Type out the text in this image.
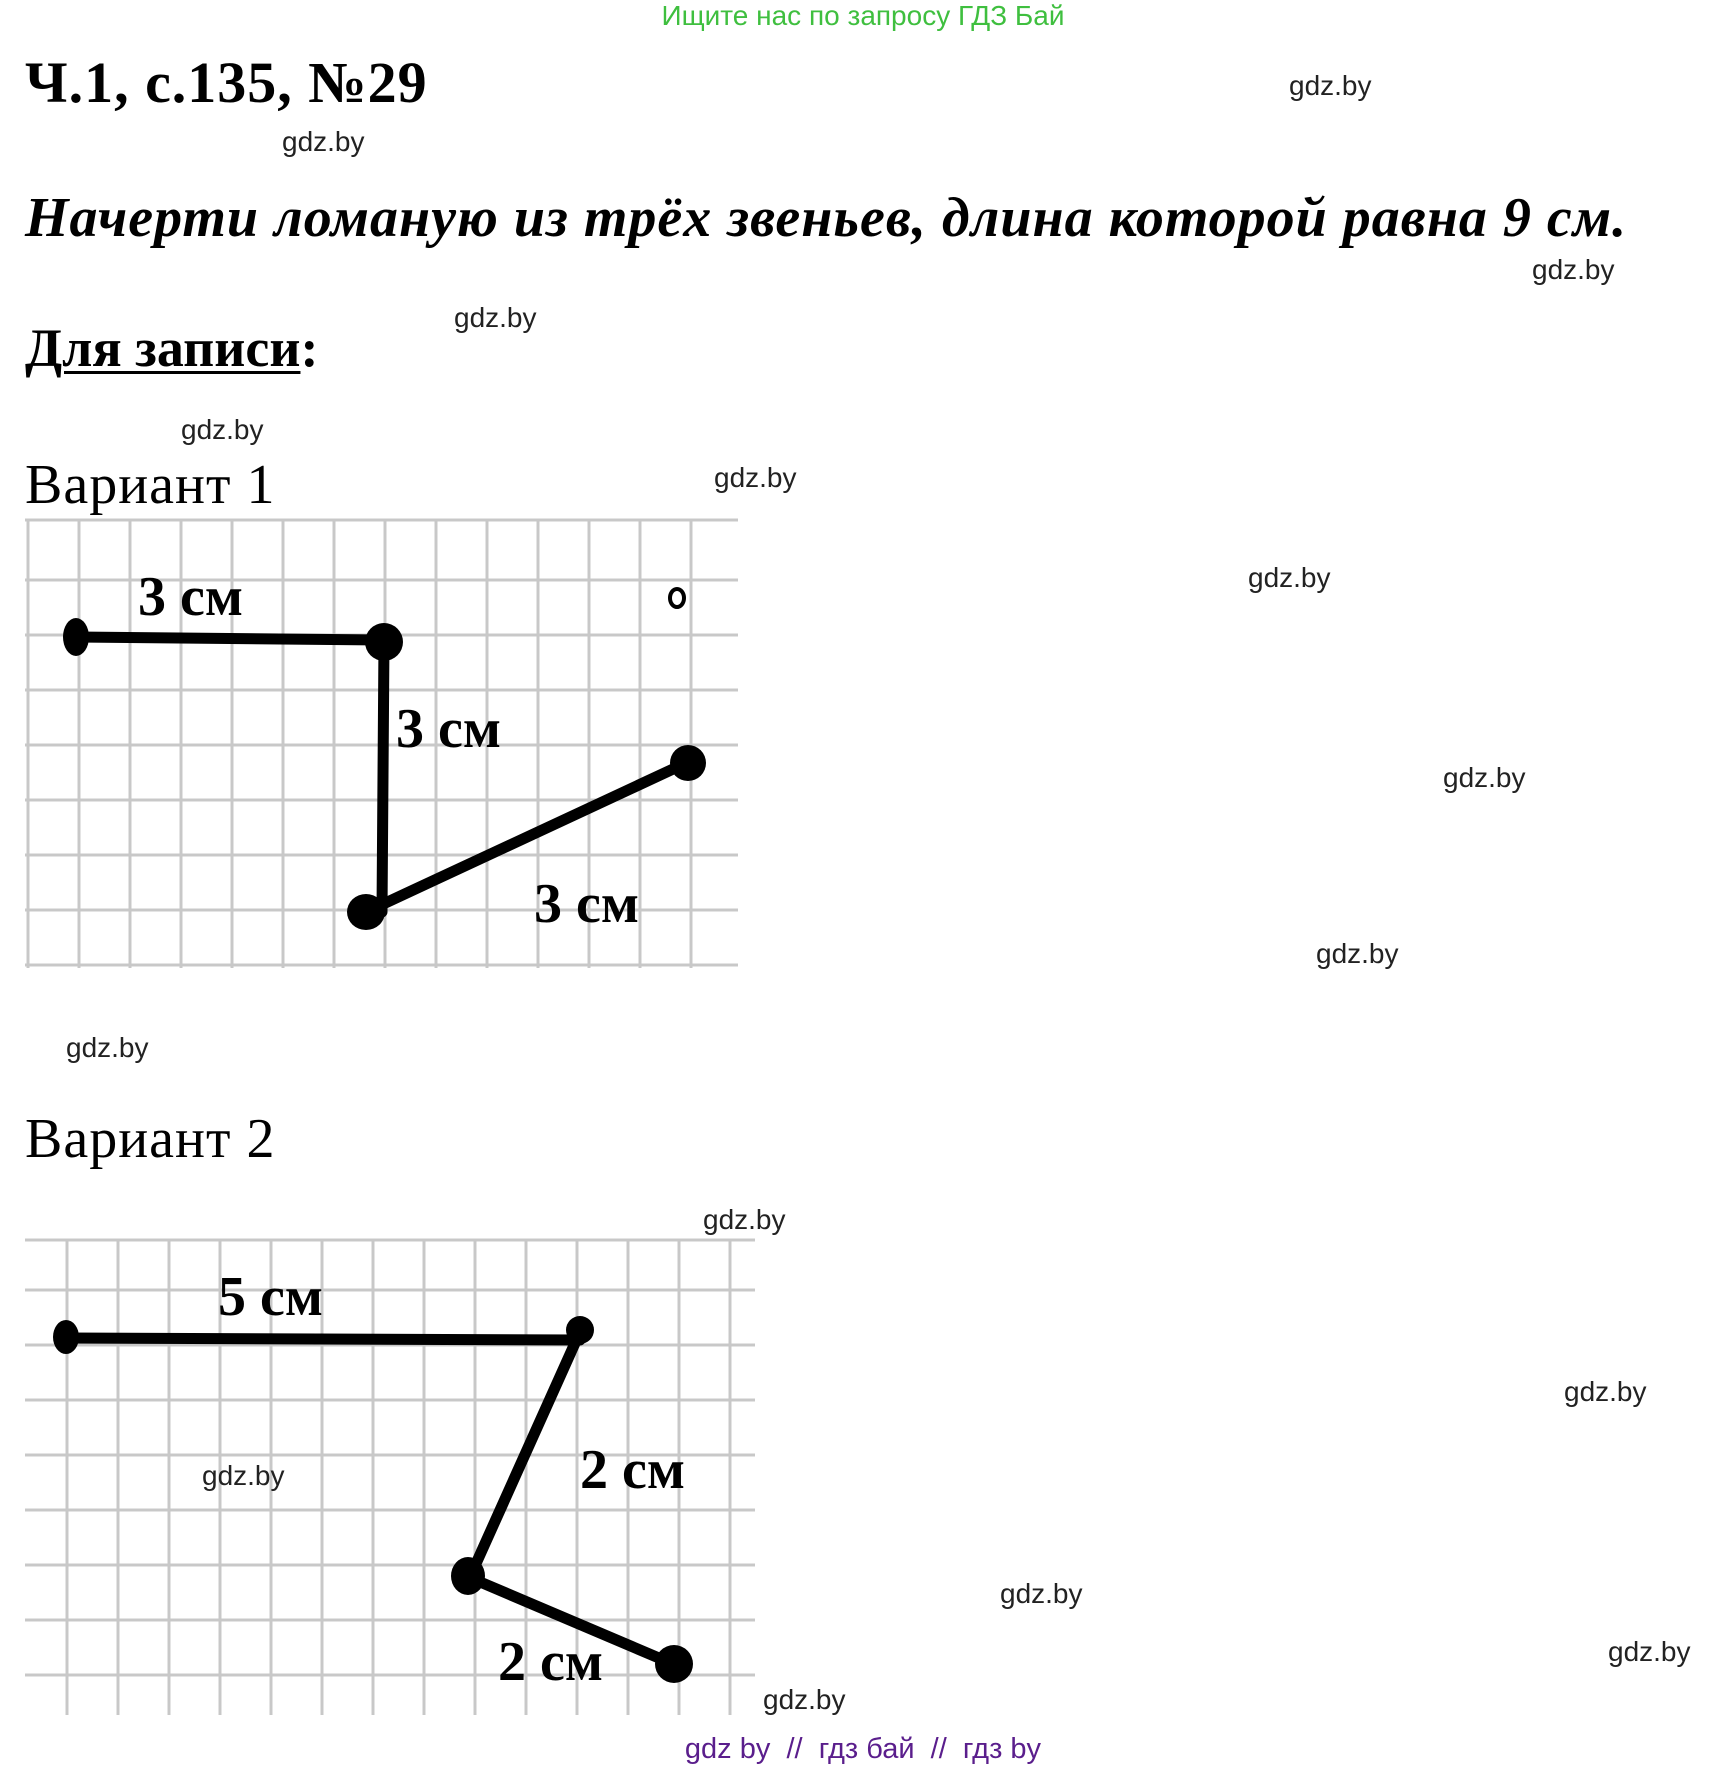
Ищите нас по запросу ГДЗ Бай
Ч.1, с.135, №29
Начерти ломаную из трёх звеньев, длина которой равна 9 см.
Для записи:
Вариант 1
Вариант 2
3 см
3 см
3 см
5 см
2 см
2 см
gdz.by
gdz.by
gdz.by
gdz.by
gdz.by
gdz.by
gdz.by
gdz.by
gdz.by
gdz.by
gdz.by
gdz.by
gdz.by
gdz.by
gdz.by
gdz.by
gdz by  //  гдз бай  //  гдз by
